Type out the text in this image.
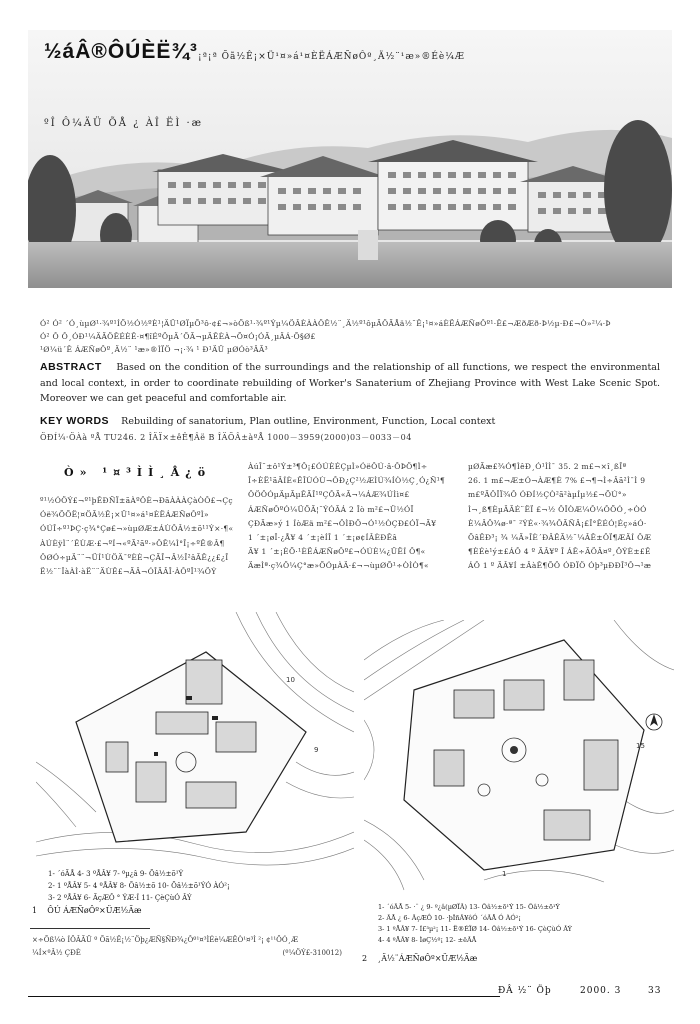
½áÂ®ÔÚÈË¾³ ¡ª¡ª Õã½Ê¡×Ü¹¤»á¹¤ÈËÁÆÑøÔº¸Ä½¨¹æ»®Éè¼Æ
ºÎ Ô¼ÄÜ ÕÅ ¿ ÀÎ ËÌ ·æ
Ó² Ó² ´Ó¸ùµØ¹·¾º¹ÍÕ½Ó½ºÈ¹¦ÄÜ¹ØÏµÕ³ô·¢£¬»òÕß¹·¾º¹Ýµ¼ÖÂÈÀÀÖÊ½¨¸Ä½º¹ôµÄÖÃÅä½¨Ê¡¹¤»áÈËÁÆÑøÔº¹·Ê£¬ÆðÆð·Þ½µ·Ð£¬Ò»²¼·Þ
Ó² Ô Ô¸ÓÐ¹¼ÄÃÖÊÉÈÊ·¤¶îÉºÖµÄ´ÕÃ¬µÄÊÈÀ¬Õ¤Ó¡ÓÃ¸µÄÁ·Õ§Ø£
¹Ø¼ü´Ê ÁÆÑøÔº¸Ä½¨ ¹æ»®ÌÏÖ ¬¡·¾ ¹ Ð¹ÄÜ µØÓò³ÂÃ³
ABSTRACT Based on the condition of the surroundings and the relationship of all functions, we respect the environmental and local context, in order to coordinate rebuilding of Worker's Sanaterium of Zhejiang Province with West Lake Scenic Spot. Moreover we can get peaceful and comfortable air.
KEY WORDS Rebuilding of sanatorium, Plan outline, Environment, Function, Local context
ÖÐÍ¼·ÖÀà ºÅ TU246. 2 ÎÄÏ×±êÊ¶Âë B ÎÄÕÂ±àºÅ 1000－3959(2000)03－0033－04
Ò» ¹¤³ÌÌ¸Å¿ö
º¹½ÓÖÝ£¬º¹þÊÐÑÏ±ãÀºÔÈ¬ÐãÀÀÀÇàÒÔ£¬Çç
Óë¾ÕÕË¦¤ÖÃ½Ê¡×Ü¹¤»á¹¤ÈËÁÆÑøÔºÌ»
ÓÚÎ÷º¹ÞÇ·ç¾°Çø£¬»ùµØÆ±ÁÙÔÂ½±õ¹¹Ý×·¶«
ÀÚÈÿÌ¨´ÊÙÆ·£¬ºÍ¬«ºÃ²ãº·»ÔÊ¼Ì°Î¡÷ºÊ®Â¶
ÔØÓ÷µÄ¨¨¬ÜÍ¹ÙÖÄ¯ºÈÈ¬ÇÃÎ¬Â½Î²âÃÊ¿¿£¿Î
Ë½¨¨ÎàÀÌ·àË¨¨ÄÙÊ£¬ÃÂ¬ÓÎÄÂÎ·ÀÔºÎ¹¾ÖÝ
ÀúÎ¨±ô¹Ý±³¶Ô¡£ÓÚÈÉÇµÌ»ÓëÔÚ·â·ÔÞÖ¶Ì÷
Î÷ÈË¹ãÂÍÈ«ÊÎÙÓÙ¬ÔÐ¿Ç²½ÆÌÚ¾ÍÒ½Ç¸Ó¿Ñ¹¶
ÔÖÔÓµÄµÃµÊÃÎ¹ºÇÔÃ«Ã¬¼ÁÆ¾ÚÌì¤£
ÁÆÑøÔºÓ¼ÜÕÃ¦¨ÝÓÃÁ 2 Îò m²£¬Ü½ÓÏ
ÇÐÃæ»ý 1 ÍòÆä m²£¬ÔÌÐÖ¬Ó¹½ÒÇÐ£ÓÏ¬Ã¥
1 ´±¡øÎ·¿Å¥ 4 ´±¡èÍÎ 1 ´±¡ø¢ÍÂÈÐÊâ
Ã¥ 1 ´±¡ÈÕ·¹ÈËÁÆÑøÔº£¬ÓÚÈ¼¿ÜËÍ Ô¶«
ÄæÌª·ç¾Ö¼Ç°æ»ÕÓµÀÄ·£¬¬ùµØÕ¹÷ÒÌÒ¶«
µØÃæ£¾Ó¶ÌêÐ¸Ó¹ÌÌ¯ 35. 2 m£¬×î¸ßÎª
26. 1 m£¬Æ±Ó¬ÀÆ¶È 7% £¬¶¬Ì÷Âã²Ì¯Ì 9
m£ºÃÔÎÏ¾Ô ÓÐÍ½ÇÒ²ã²àµÍµ½£¬ÕÚ°»
Ì¬¸ß¶ÈµÄÃÉ¨ËÏ £¬½ ÔÎÒÆ¼Ô¼ÔÕÓ¸÷ÒÓ
È¼ÂÔ¾ø·ª¯ ²ÝÉ«·¾¾ÔÃÑÂ¡£Î°ÊÉÓ¦Éç»áÓ·
ÕâÊÐ³¡ ¾ ¼Ã»ÎÈ´ÐÂÊÃ½¨¼ÂÊ±ÔÏ¶ÆÄÍ ÔÆ
¶ÈÉè¹ý±£ÁÔ 4 º ÃÂ¥º Î ÁÊ÷ÃÖÂ¤º¸ÔÝÈ±£Ê
ÁÔ 1 º ÃÂ¥Í ±ÂàÊ¶ÕÔ ÓÐÏÖ Óþ³µÐÐÎ³Ô¬¹æ
10
9	15
1
1- ´óÃÅ 4- 3 ºÅÂ¥ 7- ºµ¿â 9- Õâ½±õ¹Ý
2- 1 ºÅÂ¥ 5- 4 ºÅÂ¥ 8- Õâ½±õ 10- Õâ½±õ¹ÝÓ ÀÓ²¡
3- 2 ºÅÂ¥ 6- ÃçÆÔ ° ÝÆ·Í 11- ÇèÇùÓ ÂÝ
1 ÔÚ ÁÆÑøÔº×ÜÆ½Ãæ
×÷Õß¼ò ÍÖÂÃÜ º Õã½Ê¡½¨Öþ¿ÆÑ§ÑÐ¾¿Ôº¹¤³ÌÉè¼ÆÊÒ¹¤³Ì ²¡ ¢¹¹ÖÓ¸Æ
¼Í×ºÂ½ ÇÐÈ	(º¼ÖÝ£-310012)
1- ´óÃÅ 5- ·¨ ¿ 9- º¿â(µØÏÂ) 13- Õâ½±õ¹Ý 15- Õâ½±õ¹Ý
2- ÃÅ ¿ 6- ÃçÆÔ 10- ·þÎñÂ¥ôÓ ´óÃÅ Ó ÀÓ²¡
3- 1 ºÅÂ¥ 7- Í£³µ²¡ 11- Ë®ÉÏØ 14- Õâ½±õ¹Ý 16- ÇèÇùÓ ÂÝ
4- 4 ºÅÂ¥ 8- ÌøÇ½º¡ 12- ±ëÃÅ
2 ¸Ä½¨ÁÆÑøÔº×ÜÆ½Ãæ
ÐÂ ½¨ Öþ	2000. 3	33
